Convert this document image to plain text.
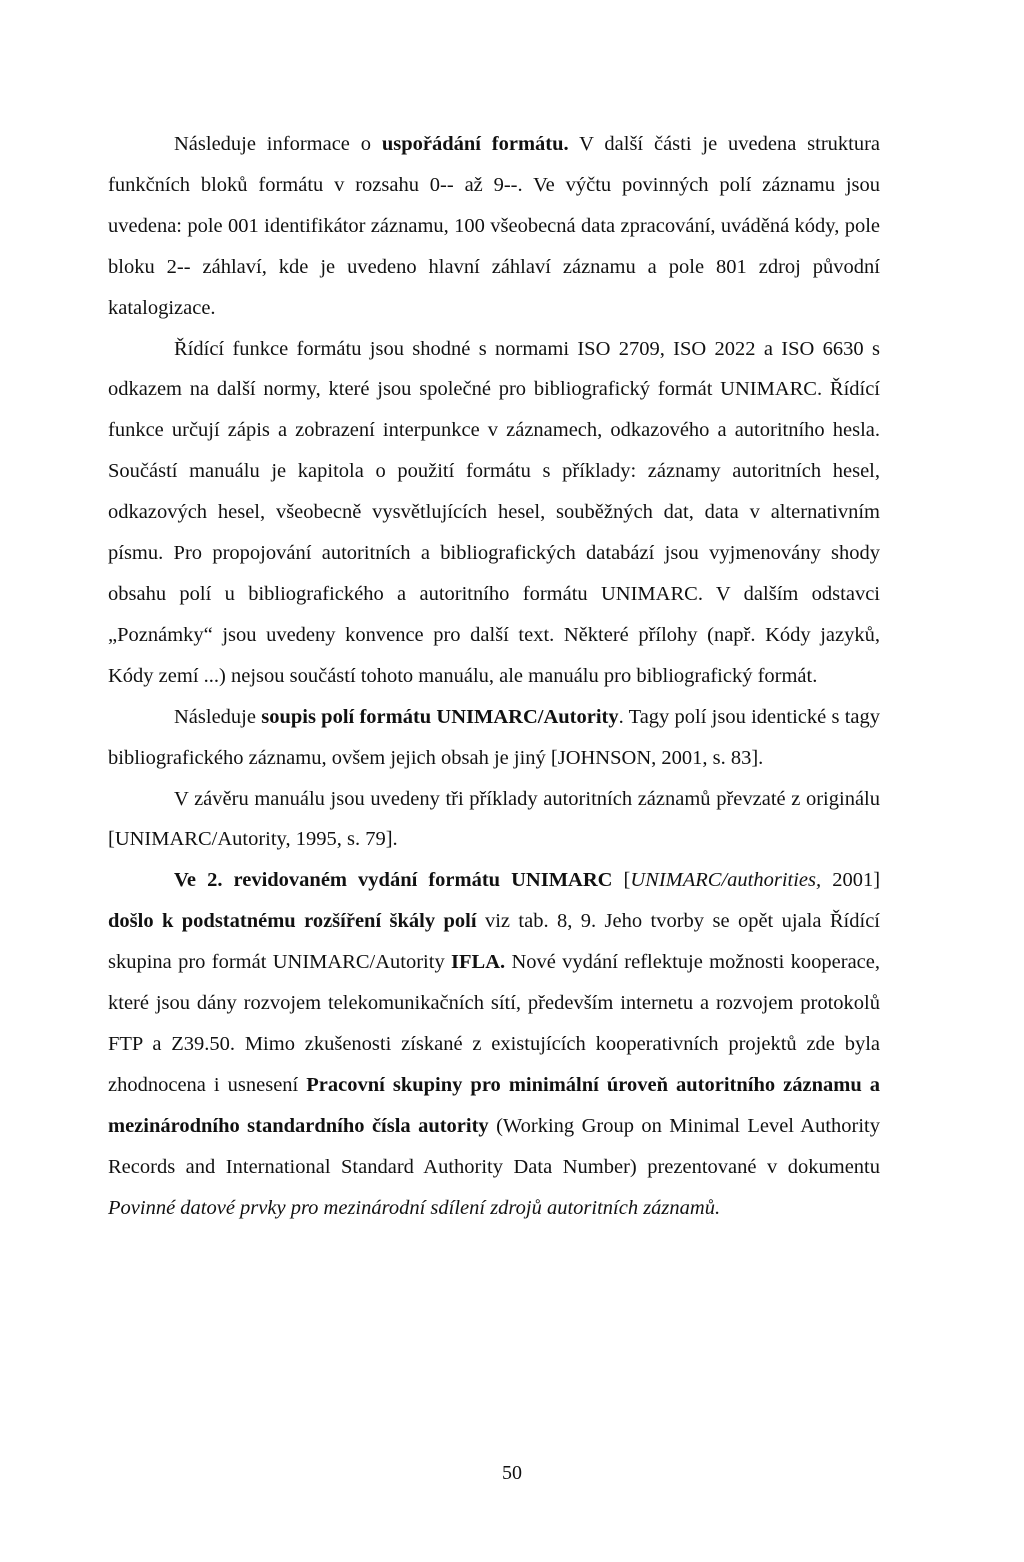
Následuje informace o uspořádání formátu. V další části je uvedena struktura funkčních bloků formátu v rozsahu 0-- až 9--. Ve výčtu povinných polí záznamu jsou uvedena: pole 001 identifikátor záznamu, 100 všeobecná data zpracování, uváděná kódy, pole bloku 2-- záhlaví, kde je uvedeno hlavní záhlaví záznamu a pole 801 zdroj původní katalogizace.

Řídící funkce formátu jsou shodné s normami ISO 2709, ISO 2022 a ISO 6630 s odkazem na další normy, které jsou společné pro bibliografický formát UNIMARC. Řídící funkce určují zápis a zobrazení interpunkce v záznamech, odkazového a autoritního hesla. Součástí manuálu je kapitola o použití formátu s příklady: záznamy autoritních hesel, odkazových hesel, všeobecně vysvětlujících hesel, souběžných dat, data v alternativním písmu. Pro propojování autoritních a bibliografických databází jsou vyjmenovány shody obsahu polí u bibliografického a autoritního formátu UNIMARC. V dalším odstavci „Poznámky“ jsou uvedeny konvence pro další text. Některé přílohy (např. Kódy jazyků, Kódy zemí ...) nejsou součástí tohoto manuálu, ale manuálu pro bibliografický formát.

Následuje soupis polí formátu UNIMARC/Autority. Tagy polí jsou identické s tagy bibliografického záznamu, ovšem jejich obsah je jiný [JOHNSON, 2001, s. 83].

V závěru manuálu jsou uvedeny tři příklady autoritních záznamů převzaté z originálu [UNIMARC/Autority, 1995, s. 79].

Ve 2. revidovaném vydání formátu UNIMARC [UNIMARC/authorities, 2001] došlo k podstatnému rozšíření škály polí viz tab. 8, 9. Jeho tvorby se opět ujala Řídící skupina pro formát UNIMARC/Autority IFLA. Nové vydání reflektuje možnosti kooperace, které jsou dány rozvojem telekomunikačních sítí, především internetu a rozvojem protokolů FTP a Z39.50. Mimo zkušenosti získané z existujících kooperativních projektů zde byla zhodnocena i usnesení Pracovní skupiny pro minimální úroveň autoritního záznamu a mezinárodního standardního čísla autority (Working Group on Minimal Level Authority Records and International Standard Authority Data Number) prezentované v dokumentu Povinné datové prvky pro mezinárodní sdílení zdrojů autoritních záznamů.

50
